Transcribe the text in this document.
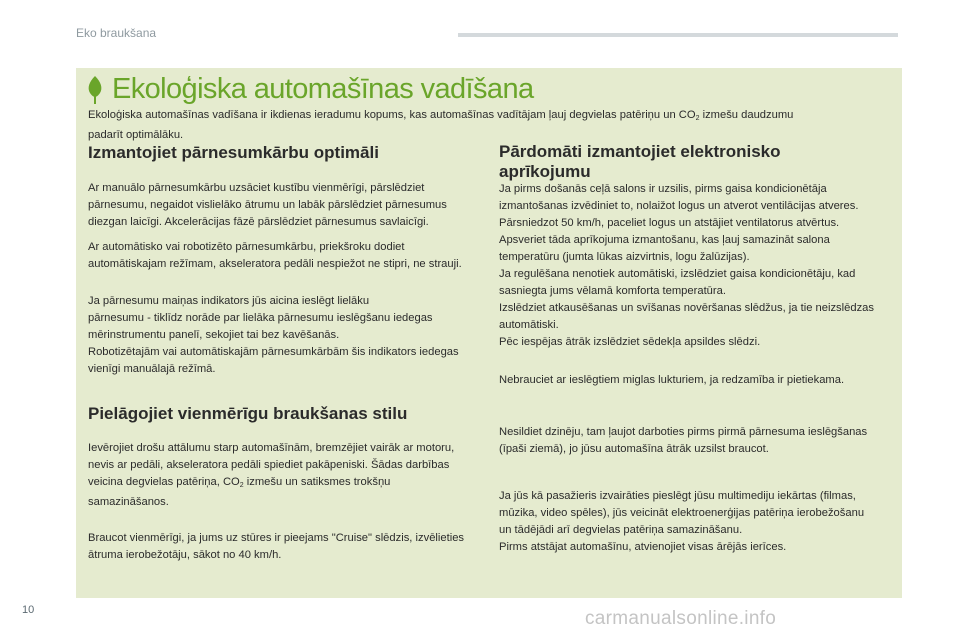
Eko braukšana
Ekoloģiska automašīnas vadīšana
Ekoloģiska automašīnas vadīšana ir ikdienas ieradumu kopums, kas automašīnas vadītājam ļauj degvielas patēriņu un $CO_2$ izmešu daudzumu
padarīt optimālāku.
Izmantojiet pārnesumkārbu optimāli

Ar manuālo pārnesumkārbu uzsāciet kustību vienmērīgi, pārslēdziet pārnesumu, negaidot vislielāko ātrumu un labāk pārslēdziet pārnesumus diezgan laicīgi. Akcelerācijas fāzē pārslēdziet pārnesumus savlaicīgi.

Ar automātisko vai robotizēto pārnesumkārbu, priekšroku dodiet automātiskajam režīmam, akseleratora pedāli nespiežot ne stipri, ne strauji.

Ja pārnesumu maiņas indikators jūs aicina ieslēgt lielāku
pārnesumu - tiklīdz norāde par lielāka pārnesumu ieslēgšanu iedegas mērinstrumentu panelī, sekojiet tai bez kavēšanās.
Robotizētajām vai automātiskajām pārnesumkārbām šis indikators iedegas vienīgi manuālajā režīmā.
Pielāgojiet vienmērīgu braukšanas stilu

Ievērojiet drošu attālumu starp automašīnām, bremzējiet vairāk ar motoru, nevis ar pedāli, akseleratora pedāli spiediet pakāpeniski. Šādas darbības veicina degvielas patēriņa, $CO_2$ izmešu un satiksmes trokšņu samazināšanos.

Braucot vienmērīgi, ja jums uz stūres ir pieejams "Cruise" slēdzis, izvēlieties ātruma ierobežotāju, sākot no 40 km/h.

Pārdomāti izmantojiet elektronisko
aprīkojumu
Ja pirms došanās ceļā salons ir uzsilis, pirms gaisa kondicionētāja izmantošanas izvēdiniet to, nolaižot logus un atverot ventilācijas atveres.
Pārsniedzot 50 km/h, paceliet logus un atstājiet ventilatorus atvērtus.
Apsveriet tāda aprīkojuma izmantošanu, kas ļauj samazināt salona temperatūru (jumta lūkas aizvirtnis, logu žalūzijas).
Ja regulēšana nenotiek automātiski, izslēdziet gaisa kondicionētāju, kad sasniegta jums vēlamā komforta temperatūra.
Izslēdziet atkausēšanas un svīšanas novēršanas slēdžus, ja tie neizslēdzas automātiski.
Pēc iespējas ātrāk izslēdziet sēdekļa apsildes slēdzi.

Nebrauciet ar ieslēgtiem miglas lukturiem, ja redzamība ir pietiekama.

Nesildiet dzinēju, tam ļaujot darboties pirms pirmā pārnesuma ieslēgšanas (īpaši ziemā), jo jūsu automašīna ātrāk uzsilst braucot.

Ja jūs kā pasažieris izvairāties pieslēgt jūsu multimediju iekārtas (filmas, mūzika, video spēles), jūs veicināt elektroenerģijas patēriņa ierobežošanu un tādējādi arī degvielas patēriņa samazināšanu.
Pirms atstājat automašīnu, atvienojiet visas ārējās ierīces.
10	carmanualsonline.info
